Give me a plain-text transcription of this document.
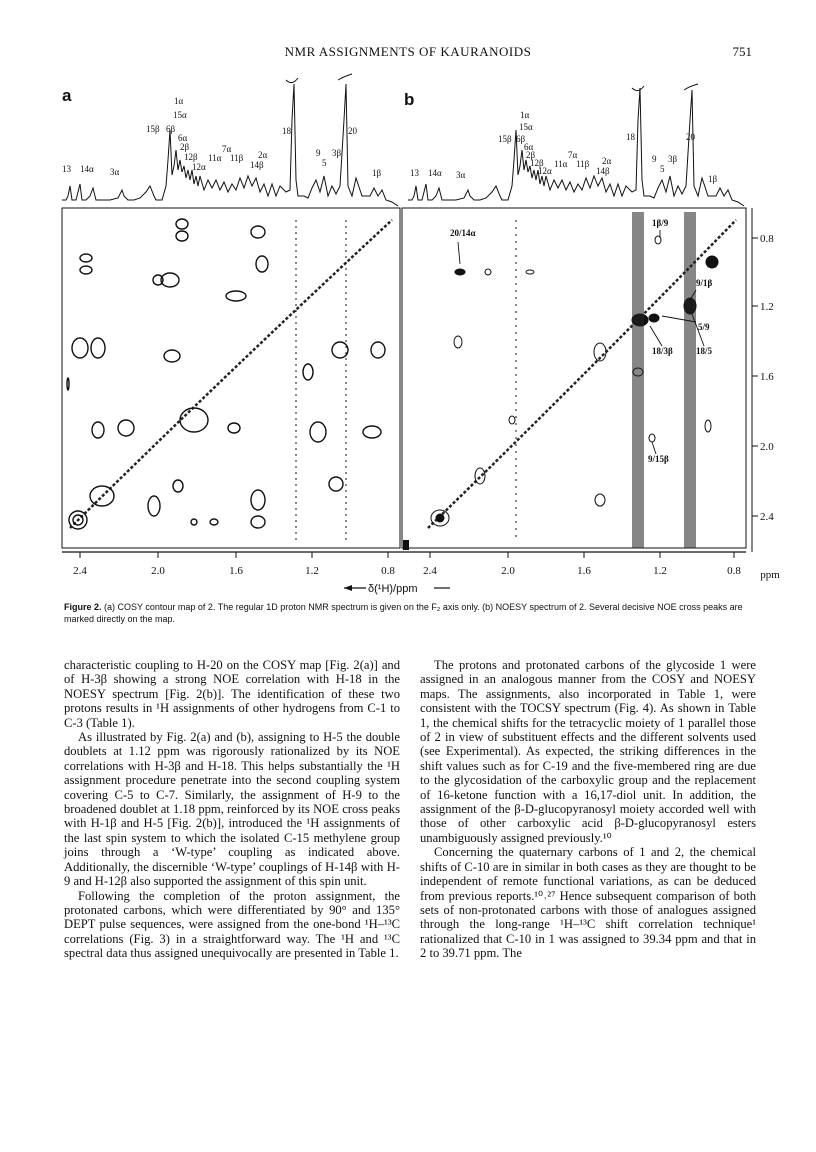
NMR ASSIGNMENTS OF KAURANOIDS	751
a	b
1α
15α
15β 6β
6α
2β
12β
7α
11α 11β 2α
14β
12α
1β
18	20
9 3β
5
13 14α 3α
1α
15α
15β 6β
6α
2β
12β
7α
11α 11β 2α
14β
12α
1β
18	20
9 3β
5
13 14α 3α
20/14α
1β/9
9/1β
5/9
18/3β	18/5
9/15β
0.8
1.2
1.6
2.0
2.4
2.4	2.0	1.6	1.2	0.8	2.4	2.0	1.6	1.2	0.8 ppm
δ(¹H)/ppm
Figure 2. (a) COSY contour map of 2. The regular 1D proton NMR spectrum is given on the F₂ axis only. (b) NOESY spectrum of 2. Several decisive NOE cross peaks are marked directly on the map.

characteristic coupling to H-20 on the COSY map [Fig. 2(a)] and of H-3β showing a strong NOE correlation with H-18 in the NOESY spectrum [Fig. 2(b)]. The identification of these two protons results in ¹H assignments of other hydrogens from C-1 to C-3 (Table 1).

As illustrated by Fig. 2(a) and (b), assigning to H-5 the double doublets at 1.12 ppm was rigorously rationalized by its NOE correlations with H-3β and H-18. This helps substantially the ¹H assignment procedure penetrate into the second coupling system covering C-5 to C-7. Similarly, the assignment of H-9 to the broadened doublet at 1.18 ppm, reinforced by its NOE cross peaks with H-1β and H-5 [Fig. 2(b)], introduced the ¹H assignments of the last spin system to which the isolated C-15 methylene group joins through a ‘W-type’ coupling as indicated above. Additionally, the discernible ‘W-type’ couplings of H-14β with H-9 and H-12β also supported the assignment of this spin unit.

Following the completion of the proton assignment, the protonated carbons, which were differentiated by 90° and 135° DEPT pulse sequences, were assigned from the one-bond ¹H–¹³C correlations (Fig. 3) in a straightforward way. The ¹H and ¹³C spectral data thus assigned unequivocally are presented in Table 1.

The protons and protonated carbons of the glycoside 1 were assigned in an analogous manner from the COSY and NOESY maps. The assignments, also incorporated in Table 1, were consistent with the TOCSY spectrum (Fig. 4). As shown in Table 1, the chemical shifts for the tetracyclic moiety of 1 parallel those of 2 in view of substituent effects and the different solvents used (see Experimental). As expected, the striking differences in the shift values such as for C-19 and the five-membered ring are due to the glycosidation of the carboxylic group and the replacement of 16-ketone function with a 16,17-diol unit. In addition, the assignment of the β-D-glucopyranosyl moiety accorded well with those of other carboxylic acid β-D-glucopyranosyl esters unambiguously assigned previously.¹⁰

Concerning the quaternary carbons of 1 and 2, the chemical shifts of C-10 are in similar in both cases as they are thought to be independent of remote functional variations, as can be deduced from previous reports.¹⁰˒²⁷ Hence subsequent comparison of both sets of non-protonated carbons with those of analogues assigned through the long-range ¹H–¹³C shift correlation technique¹ rationalized that C-10 in 1 was assigned to 39.34 ppm and that in 2 to 39.71 ppm. The
